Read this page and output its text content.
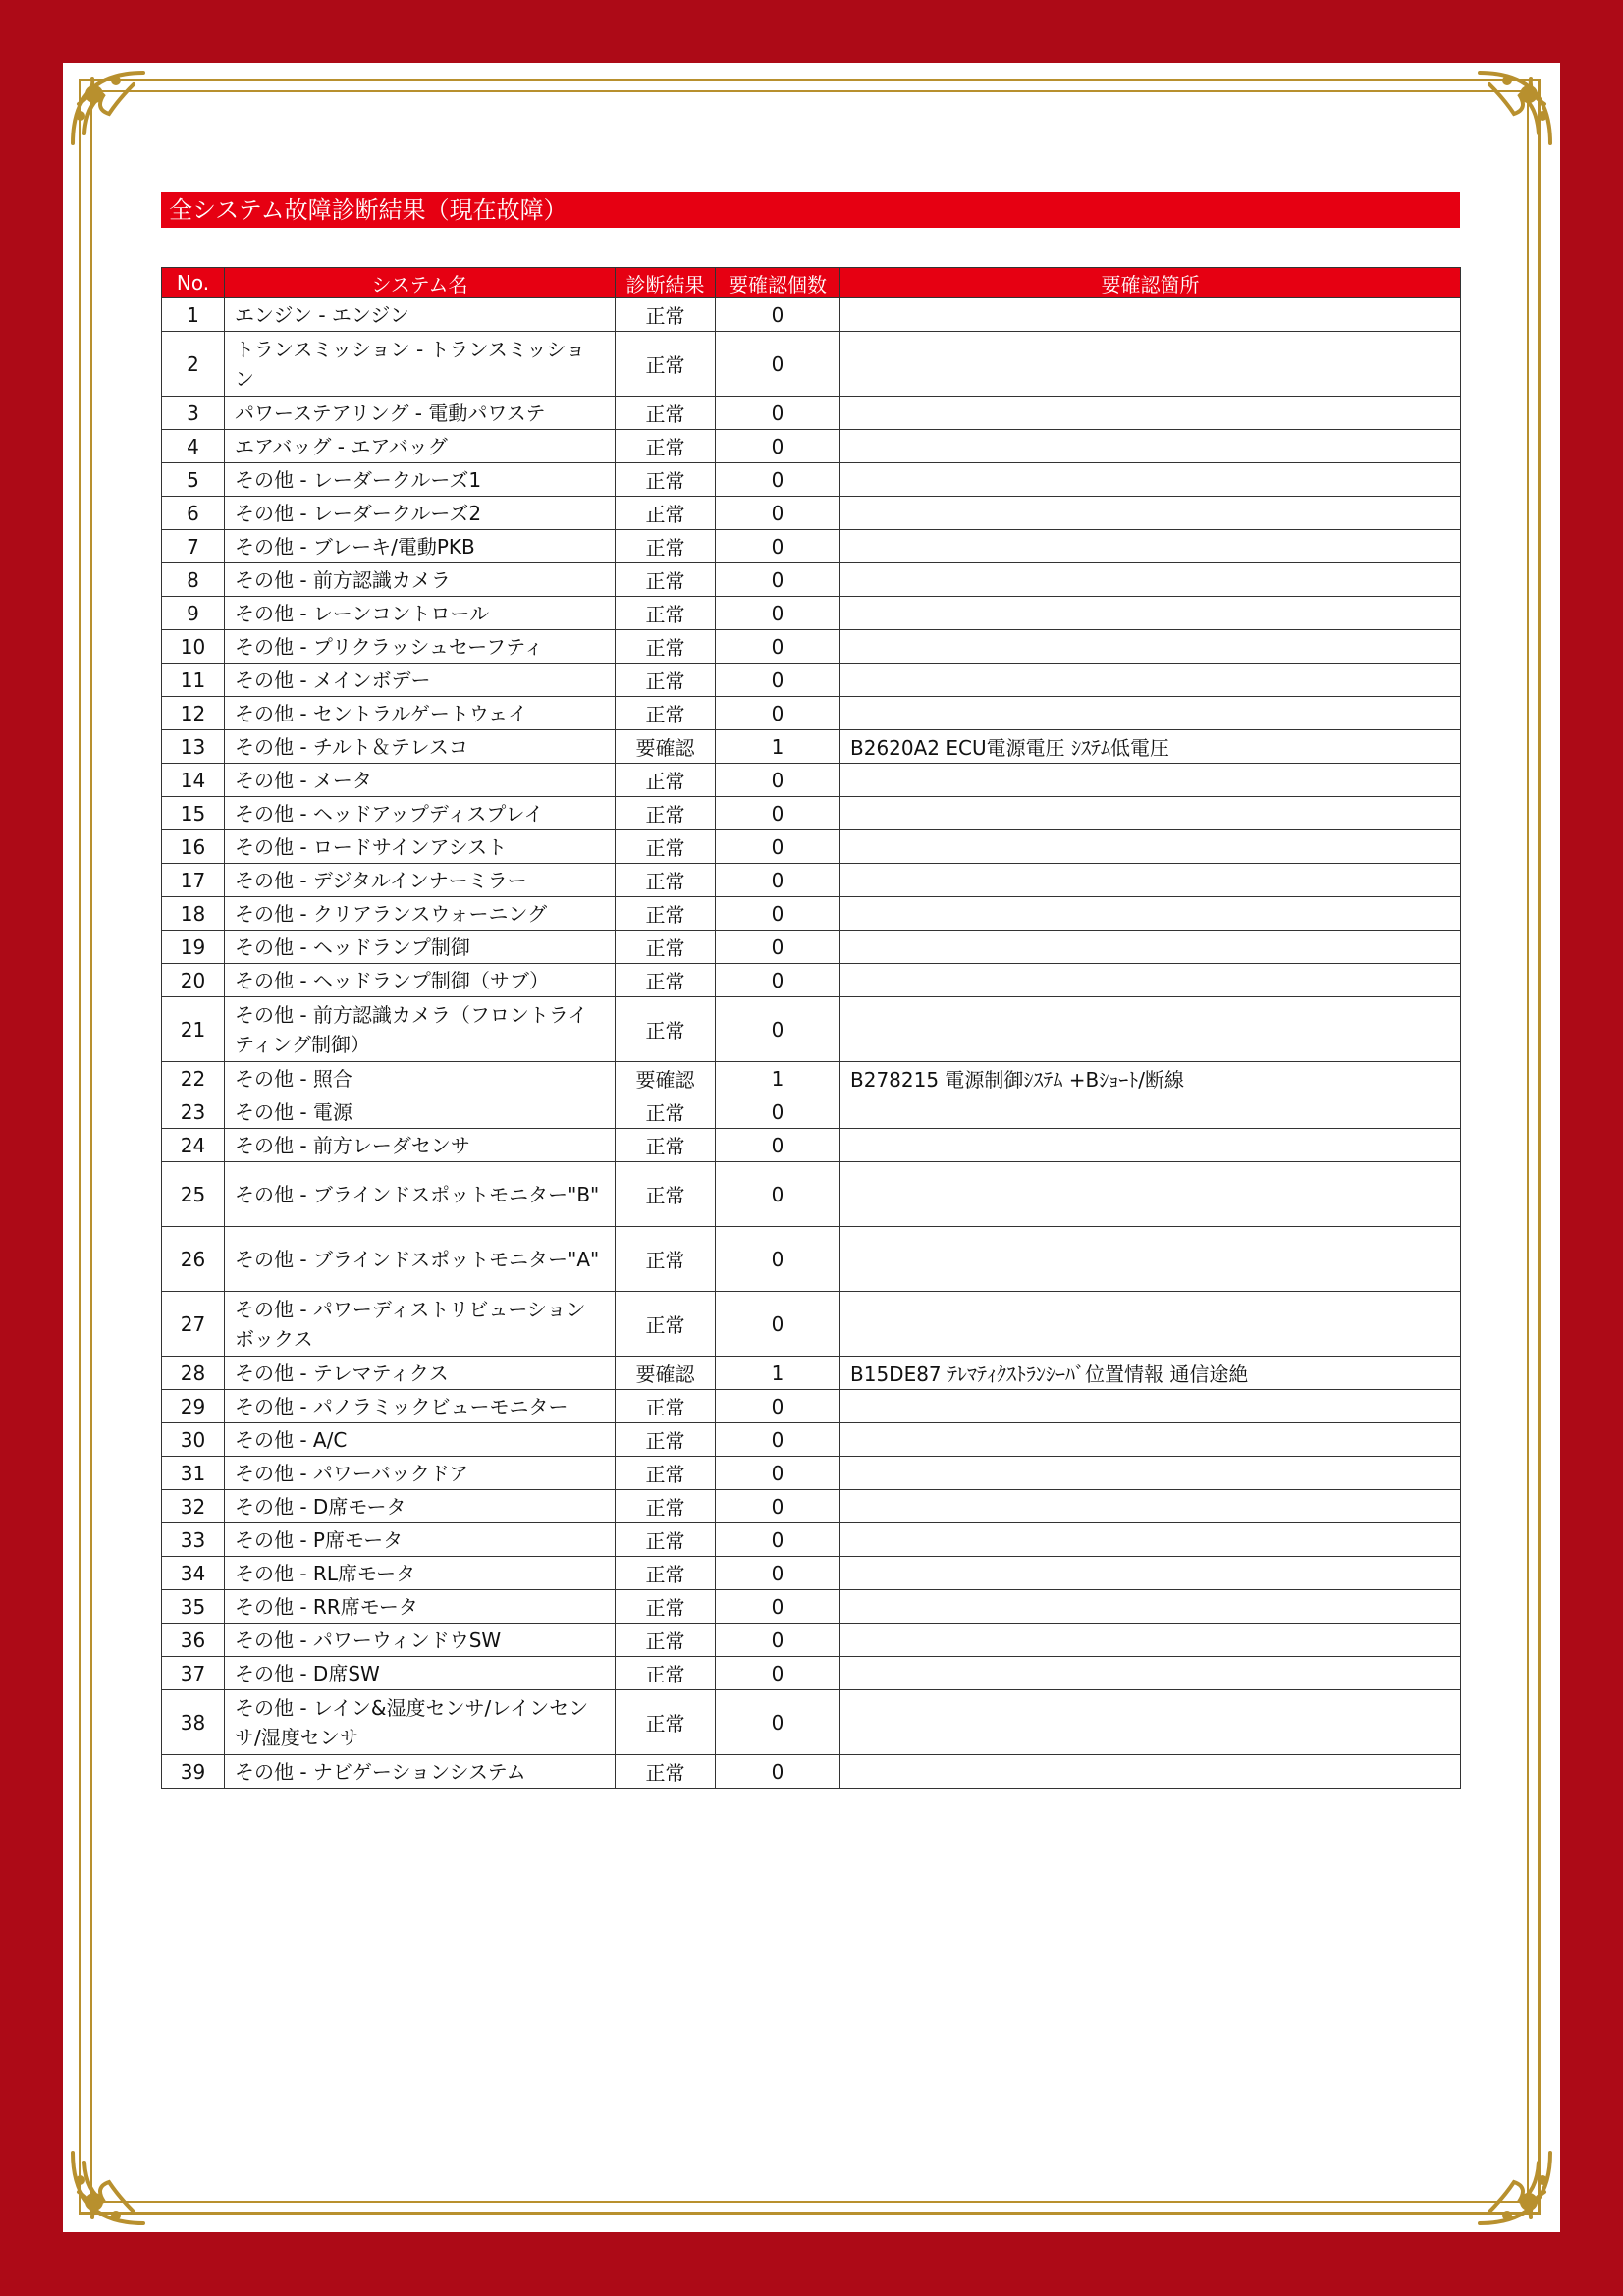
全システム故障診断結果（現在故障）
No.	システム名	診断結果	要確認個数	要確認箇所
1	エンジン - エンジン	正常	0	
2	トランスミッション - トランスミッション	正常	0	
3	パワーステアリング - 電動パワステ	正常	0	
4	エアバッグ - エアバッグ	正常	0	
5	その他 - レーダークルーズ1	正常	0	
6	その他 - レーダークルーズ2	正常	0	
7	その他 - ブレーキ/電動PKB	正常	0	
8	その他 - 前方認識カメラ	正常	0	
9	その他 - レーンコントロール	正常	0	
10	その他 - プリクラッシュセーフティ	正常	0	
11	その他 - メインボデー	正常	0	
12	その他 - セントラルゲートウェイ	正常	0	
13	その他 - チルト＆テレスコ	要確認	1	B2620A2 ECU電源電圧 ｼｽﾃﾑ低電圧
14	その他 - メータ	正常	0	
15	その他 - ヘッドアップディスプレイ	正常	0	
16	その他 - ロードサインアシスト	正常	0	
17	その他 - デジタルインナーミラー	正常	0	
18	その他 - クリアランスウォーニング	正常	0	
19	その他 - ヘッドランプ制御	正常	0	
20	その他 - ヘッドランプ制御（サブ）	正常	0	
21	その他 - 前方認識カメラ（フロントライティング制御）	正常	0	
22	その他 - 照合	要確認	1	B278215 電源制御ｼｽﾃﾑ +Bｼｮｰﾄ/断線
23	その他 - 電源	正常	0	
24	その他 - 前方レーダセンサ	正常	0	
25	その他 - ブラインドスポットモニター"B"	正常	0	
26	その他 - ブラインドスポットモニター"A"	正常	0	
27	その他 - パワーディストリビューションボックス	正常	0	
28	その他 - テレマティクス	要確認	1	B15DE87 ﾃﾚﾏﾃｨｸｽﾄﾗﾝｼｰﾊﾞ位置情報 通信途絶
29	その他 - パノラミックビューモニター	正常	0	
30	その他 - A/C	正常	0	
31	その他 - パワーバックドア	正常	0	
32	その他 - D席モータ	正常	0	
33	その他 - P席モータ	正常	0	
34	その他 - RL席モータ	正常	0	
35	その他 - RR席モータ	正常	0	
36	その他 - パワーウィンドウSW	正常	0	
37	その他 - D席SW	正常	0	
38	その他 - レイン&湿度センサ/レインセンサ/湿度センサ	正常	0	
39	その他 - ナビゲーションシステム	正常	0	
